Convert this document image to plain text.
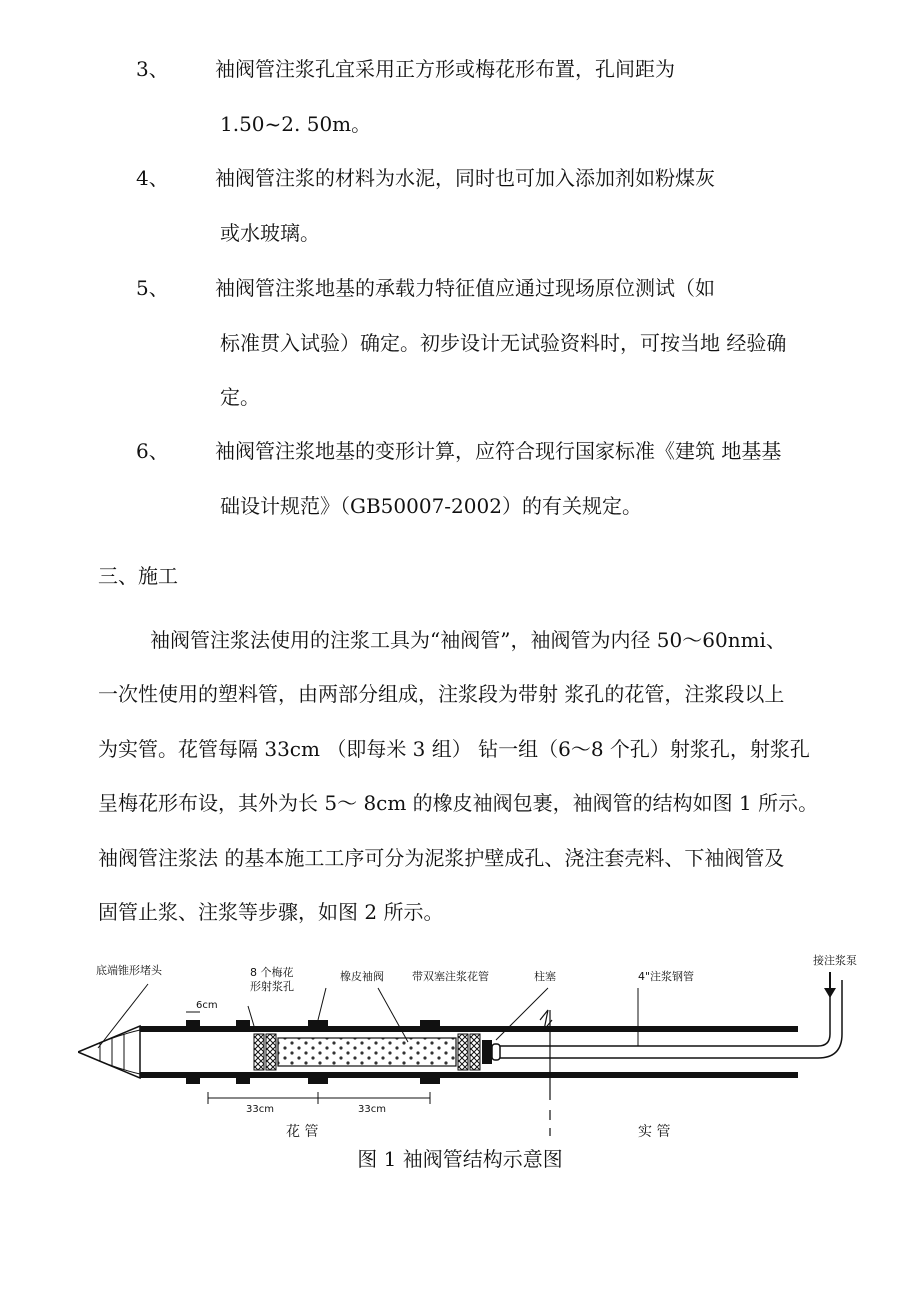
3、 袖阀管注浆孔宜采用正方形或梅花形布置，孔间距为
1.50~2. 50m。
4、 袖阀管注浆的材料为水泥，同时也可加入添加剂如粉煤灰
或水玻璃。
5、 袖阀管注浆地基的承载力特征值应通过现场原位测试（如
标准贯入试验）确定。初步设计无试验资料时，可按当地 经验确
定。
6、 袖阀管注浆地基的变形计算，应符合现行国家标准《建筑 地基基
础设计规范》（GB50007-2002）的有关规定。
三、施工
袖阀管注浆法使用的注浆工具为“袖阀管”，袖阀管为内径 50～60nmi、
一次性使用的塑料管，由两部分组成，注浆段为带射 浆孔的花管，注浆段以上
为实管。花管每隔 33cm （即每米 3 组） 钻一组（6～8 个孔）射浆孔，射浆孔
呈梅花形布设，其外为长 5～ 8cm 的橡皮袖阀包裹，袖阀管的结构如图 1 所示。
袖阀管注浆法 的基本施工工序可分为泥浆护壁成孔、浇注套壳料、下袖阀管及
固管止浆、注浆等步骤，如图 2 所示。
底端锥形堵头	8 个梅花
形射浆孔
橡皮袖阀	带双塞注浆花管	柱塞	4"注浆钢管
接注浆泵
6cm
33cm	33cm
花 管	实 管
图 1 袖阀管结构示意图
